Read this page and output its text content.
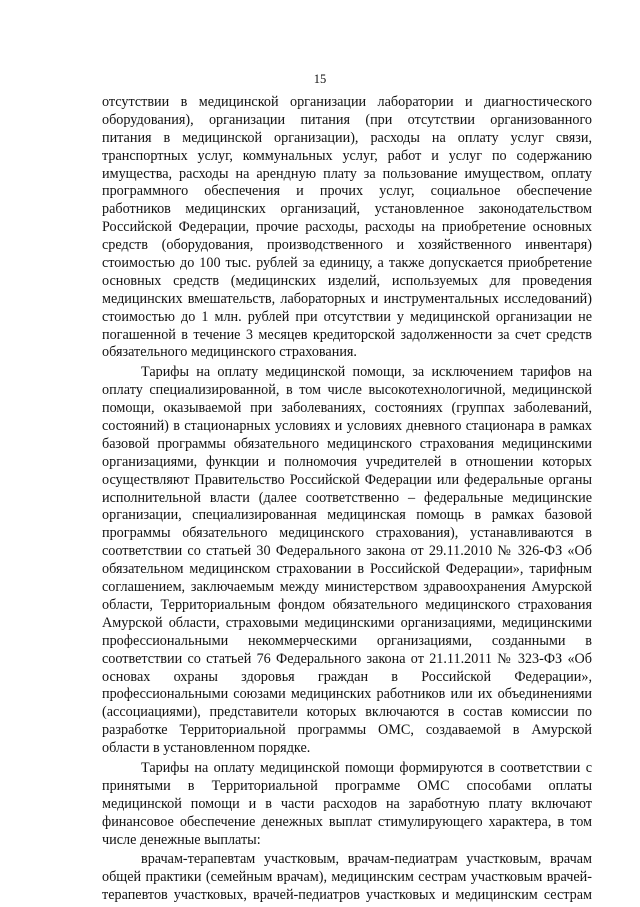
15
отсутствии в медицинской организации лаборатории и диагностического
оборудования), организации питания (при отсутствии организованного
питания в медицинской организации), расходы на оплату услуг связи,
транспортных услуг, коммунальных услуг, работ и услуг по содержанию
имущества, расходы на арендную плату за пользование имуществом, оплату
программного обеспечения и прочих услуг, социальное обеспечение
работников медицинских организаций, установленное законодательством
Российской Федерации, прочие расходы, расходы на приобретение основных
средств (оборудования, производственного и хозяйственного инвентаря)
стоимостью до 100 тыс. рублей за единицу, а также допускается приобретение
основных средств (медицинских изделий, используемых для проведения
медицинских вмешательств, лабораторных и инструментальных исследований)
стоимостью до 1 млн. рублей при отсутствии у медицинской организации не
погашенной в течение 3 месяцев кредиторской задолженности за счет средств
обязательного медицинского страхования.
Тарифы на оплату медицинской помощи, за исключением тарифов на
оплату специализированной, в том числе высокотехнологичной, медицинской
помощи, оказываемой при заболеваниях, состояниях (группах заболеваний,
состояний) в стационарных условиях и условиях дневного стационара в рамках
базовой программы обязательного медицинского страхования медицинскими
организациями, функции и полномочия учредителей в отношении которых
осуществляют Правительство Российской Федерации или федеральные органы
исполнительной власти (далее соответственно – федеральные медицинские
организации, специализированная медицинская помощь в рамках базовой
программы обязательного медицинского страхования), устанавливаются в
соответствии со статьей 30 Федерального закона от 29.11.2010 № 326-ФЗ «Об
обязательном медицинском страховании в Российской Федерации», тарифным
соглашением, заключаемым между министерством здравоохранения Амурской
области, Территориальным фондом обязательного медицинского страхования
Амурской области, страховыми медицинскими организациями, медицинскими
профессиональными некоммерческими организациями, созданными в
соответствии со статьей 76 Федерального закона от 21.11.2011 № 323-ФЗ «Об
основах охраны здоровья граждан в Российской Федерации»,
профессиональными союзами медицинских работников или их объединениями
(ассоциациями), представители которых включаются в состав комиссии по
разработке Территориальной программы ОМС, создаваемой в Амурской
области в установленном порядке.
Тарифы на оплату медицинской помощи формируются в соответствии с
принятыми в Территориальной программе ОМС способами оплаты
медицинской помощи и в части расходов на заработную плату включают
финансовое обеспечение денежных выплат стимулирующего характера, в том
числе денежные выплаты:
врачам-терапевтам участковым, врачам-педиатрам участковым, врачам
общей практики (семейным врачам), медицинским сестрам участковым врачей-
терапевтов участковых, врачей-педиатров участковых и медицинским сестрам
